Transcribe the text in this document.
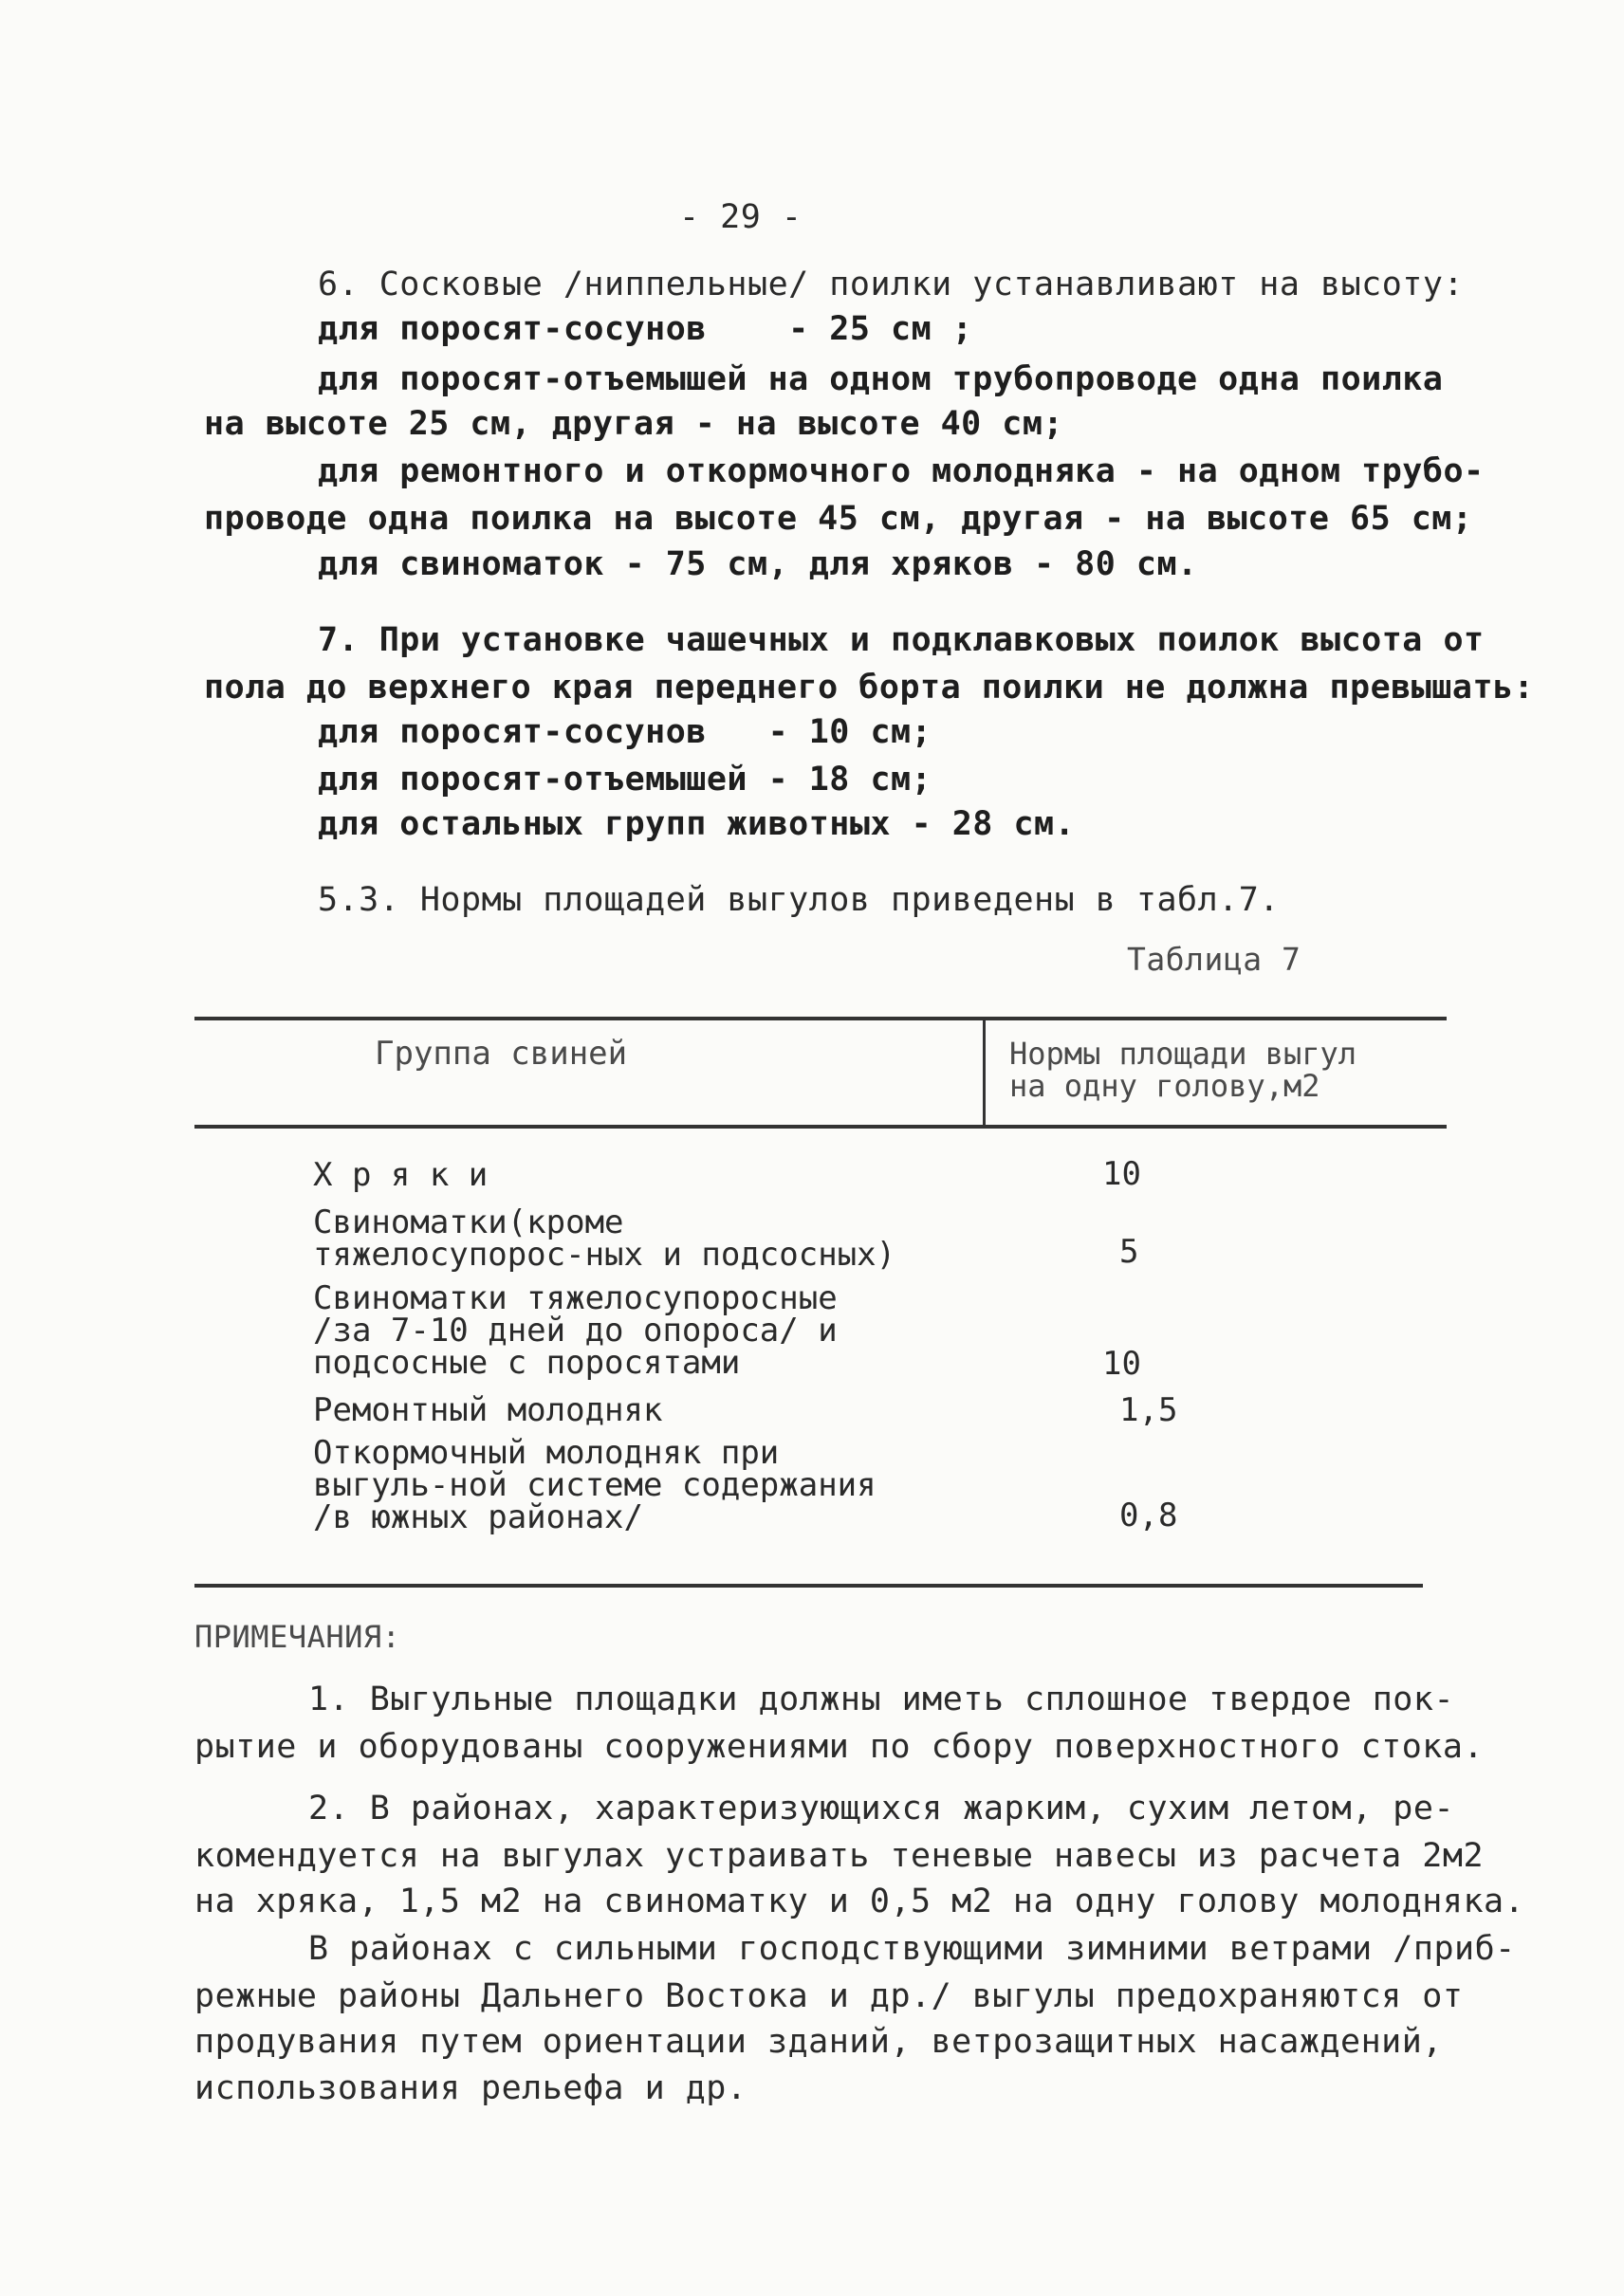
- 29 -
6. Сосковые /ниппельные/ поилки устанавливают на высоту:
для поросят-сосунов    - 25 см ;
для поросят-отъемышей на одном трубопроводе одна поилка
на высоте 25 см, другая - на высоте 40 см;
для ремонтного и откормочного молодняка - на одном трубо-
проводе одна поилка на высоте 45 см, другая - на высоте 65 см;
для свиноматок - 75 см, для хряков - 80 см.
7. При установке чашечных и подклавковых поилок высота от
пола до верхнего края переднего борта поилки не должна превышать:
для поросят-сосунов   - 10 см;
для поросят-отъемышей - 18 см;
для остальных групп животных - 28 см.
5.3. Нормы площадей выгулов приведены в табл.7.
Таблица 7
Группа свиней	Нормы площади выгул
на одну голову,м2
Х р я к и	10
Свиноматки(кроме тяжелосупорос-ных и подсосных)	5
Свиноматки тяжелосупоросные /за 7-10 дней до опороса/ и подсосные с поросятами	10
Ремонтный молодняк	1,5
Откормочный молодняк при выгуль-ной системе содержания /в южных районах/	0,8
ПРИМЕЧАНИЯ:
1. Выгульные площадки должны иметь сплошное твердое пок-
рытие и оборудованы сооружениями по сбору поверхностного стока.
2. В районах, характеризующихся жарким, сухим летом, ре-
комендуется на выгулах устраивать теневые навесы из расчета 2м2
на хряка, 1,5 м2 на свиноматку и 0,5 м2 на одну голову молодняка.
В районах с сильными господствующими зимними ветрами /приб-
режные районы Дальнего Востока и др./ выгулы предохраняются от
продувания путем ориентации зданий, ветрозащитных насаждений,
использования рельефа и др.
